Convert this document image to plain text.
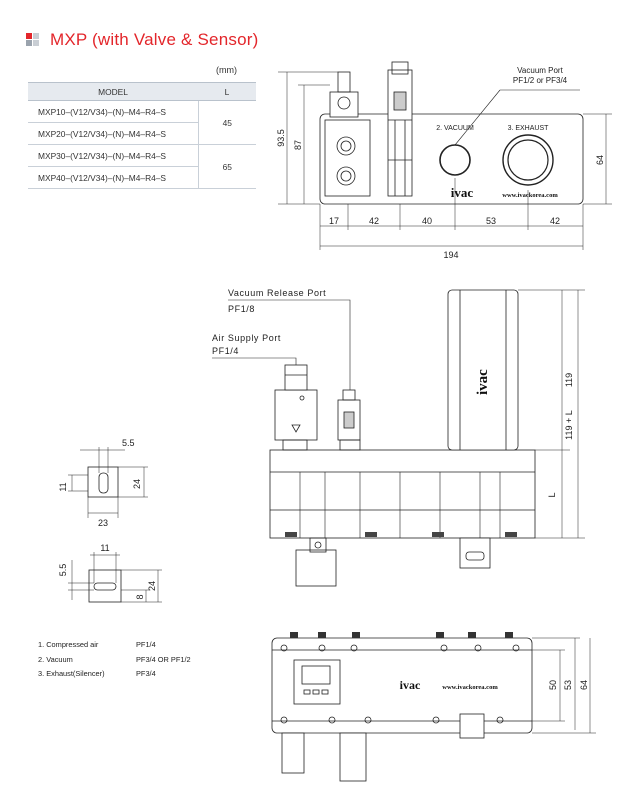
MXP (with Valve & Sensor)
(mm)
MODEL	L
MXP10–(V12/V34)–(N)–M4–R4–S	45
MXP20–(V12/V34)–(N)–M4–R4–S	
MXP30–(V12/V34)–(N)–M4–R4–S	65
MXP40–(V12/V34)–(N)–M4–R4–S	
Vacuum Port
PF1/2 or PF3/4
2. VACUUM	3. EXHAUST
ivac	www.ivackorea.com
17	42	40	53	42
194
93.5 87
64
ivac
Vacuum Release Port
PF1/8
Air Supply Port
PF1/4
119
119 + L
L
5.5
11	24
23
11
5.5
8
24
ivac	www.ivackorea.com	50 53 64
1. Compressed air	PF1/4
2. Vacuum	PF3/4 OR PF1/2
3. Exhaust(Silencer)	PF3/4
